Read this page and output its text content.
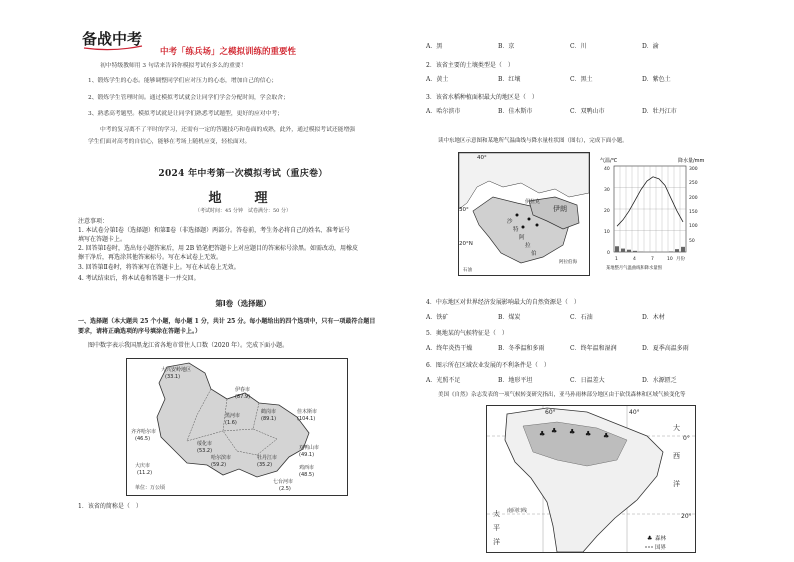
备战中考
中考「练兵场」之模拟训练的重要性
初中特级教师用 3 句话来告诉你模拟考试有多么的重要！
1、锻炼学生的心态。能够调整同学们应对压力的心态，增加自己的信心；
2、锻炼学生管理时间。通过模拟考试就会让同学们学会分配时间，学会取舍；
3、熟悉高考题型。模拟考试就是让同学们熟悉考试题型，更好的应对中考；
中考的复习离不了平时的学习，还需有一定的答题技巧和卷面的成熟，此外，通过模拟考试还能增强
学生们面对高考的自信心，能够在考场上随机应变，轻松面对。
2024 年中考第一次模拟考试（重庆卷）
地　理
（考试时间：45 分钟　试卷满分：50 分）
注意事项：
1. 本试卷分第Ⅰ卷（选择题）和第Ⅱ卷（非选择题）两部分。答卷前，考生务必将自己的姓名、准考证号
填写在答题卡上。
2. 回答第Ⅰ卷时，选出每小题答案后，用 2B 铅笔把答题卡上对应题目的答案标号涂黑。如需改动，用橡皮
擦干净后，再选涂其他答案标号。写在本试卷上无效。
3. 回答第Ⅱ卷时，将答案写在答题卡上。写在本试卷上无效。
4. 考试结束后，将本试卷和答题卡一并交回。
第Ⅰ卷（选择题）
一、选择题（本大题共 25 个小题，每小题 1 分，共计 25 分。每小题给出的四个选项中，只有一项最符合题目
要求，请将正确选项的序号填涂在答题卡上。）
图中数字表示我国黑龙江省各地市常住人口数（2020 年）。完成下面小题。
大兴安岭地区
(33.1)
伊春市
(87.9)
鹤岗市
(89.1)
佳木斯市
(104.1)
黑河市
(1.6)
齐齐哈尔市
(46.5)
绥化市
(53.2)
哈尔滨市
(59.2)
牡丹江市
(35.2)
双鸭山市
(49.1)
鸡西市
(48.5)
大庆市
(11.2)
七台河市
(2.5)
单位：万公顷
1．该省的简称是（　）
A．黑	B．京	C．川	D．渝
2．该省主要的土壤类型是（　）
A．黄土	B．红壤	C．黑土	D．紫色土
3．该省水稻种植面积最大的地区是（　）
A．哈尔滨市	B．佳木斯市	C．双鸭山市	D．牡丹江市
读中东地区示意图和某地所气温曲线与降水量柱状图（图右），完成下面小题。
40°
30°
20°N
伊朗
伊拉克
沙
特
阿
拉
伯
阿拉伯海
石油
气温/℃	降水量/mm
40
30
20
10
0
300
250
200
150
100
50
1	4	7	10 月份
某地整月气温曲线和降水量图
4．中东地区对世界经济发展影响最大的自然资源是（　）
A．铁矿	B．煤炭	C．石油	D．木材
5．奥地某的气候特征是（　）
A．终年炎热干燥	B．冬季温和多雨	C．终年温和湿润	D．夏季高温多雨
6．图示所在区域农业发展的不利条件是（　）
A．光照不足	B．地形平坦	C．日温差大	D．水源匮乏
美国《自然》杂志发表的一项气候转变研究指出，亚马孙雨林部分地区由于砍伐森林和区域气候变化等
♣ ♣ ♣ ♣ ♣
60°	40°
0°
大
西
洋
太
平
洋
南回归线
20°
森林
国界
♣
